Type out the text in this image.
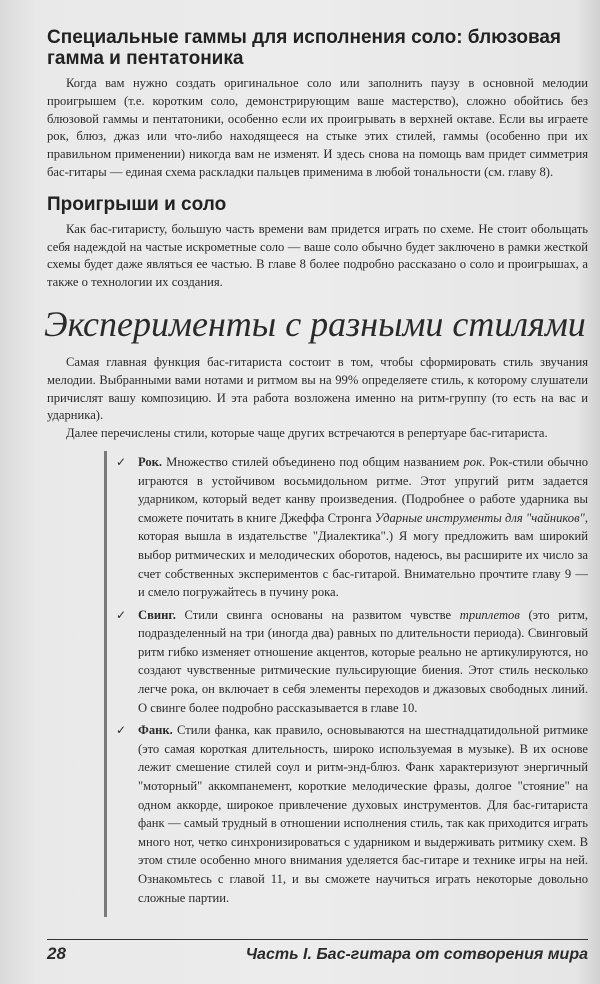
Специальные гаммы для исполнения соло: блюзовая гамма и пентатоника

Когда вам нужно создать оригинальное соло или заполнить паузу в основной мелодии проигрышем (т.е. коротким соло, демонстрирующим ваше мастерство), сложно обойтись без блюзовой гаммы и пентатоники, особенно если их проигрывать в верхней октаве. Если вы играете рок, блюз, джаз или что-либо находящееся на стыке этих стилей, гаммы (особенно при их правильном применении) никогда вам не изменят. И здесь снова на помощь вам придет симметрия бас-гитары — единая схема раскладки пальцев применима в любой тональности (см. главу 8).

Проигрыши и соло

Как бас-гитаристу, большую часть времени вам придется играть по схеме. Не стоит обольщать себя надеждой на частые искрометные соло — ваше соло обычно будет заключено в рамки жесткой схемы будет даже являться ее частью. В главе 8 более подробно рассказано о соло и проигрышах, а также о технологии их создания.

Эксперименты с разными стилями

Самая главная функция бас-гитариста состоит в том, чтобы сформировать стиль звучания мелодии. Выбранными вами нотами и ритмом вы на 99% определяете стиль, к которому слушатели причислят вашу композицию. И эта работа возложена именно на ритм-группу (то есть на вас и ударника).

Далее перечислены стили, которые чаще других встречаются в репертуаре бас-гитариста.

✓ Рок. Множество стилей объединено под общим названием рок. Рок-стили обычно играются в устойчивом восьмидольном ритме. Этот упругий ритм задается ударником, который ведет канву произведения. (Подробнее о работе ударника вы сможете почитать в книге Джеффа Стронга Ударные инструменты для "чайников", которая вышла в издательстве "Диалектика".) Я могу предложить вам широкий выбор ритмических и мелодических оборотов, надеюсь, вы расширите их число за счет собственных экспериментов с бас-гитарой. Внимательно прочтите главу 9 — и смело погружайтесь в пучину рока.
✓ Свинг. Стили свинга основаны на развитом чувстве триплетов (это ритм, подразделенный на три (иногда два) равных по длительности периода). Свинговый ритм гибко изменяет отношение акцентов, которые реально не артикулируются, но создают чувственные ритмические пульсирующие биения. Этот стиль несколько легче рока, он включает в себя элементы переходов и джазовых свободных линий. О свинге более подробно рассказывается в главе 10.
✓ Фанк. Стили фанка, как правило, основываются на шестнадцатидольной ритмике (это самая короткая длительность, широко используемая в музыке). В их основе лежит смешение стилей соул и ритм-энд-блюз. Фанк характеризуют энергичный "моторный" аккомпанемент, короткие мелодические фразы, долгое "стояние" на одном аккорде, широкое привлечение духовых инструментов. Для бас-гитариста фанк — самый трудный в отношении исполнения стиль, так как приходится играть много нот, четко синхронизироваться с ударником и выдерживать ритмику схем. В этом стиле особенно много внимания уделяется бас-гитаре и технике игры на ней. Ознакомьтесь с главой 11, и вы сможете научиться играть некоторые довольно сложные партии.
28	Часть I. Бас-гитара от сотворения мира
